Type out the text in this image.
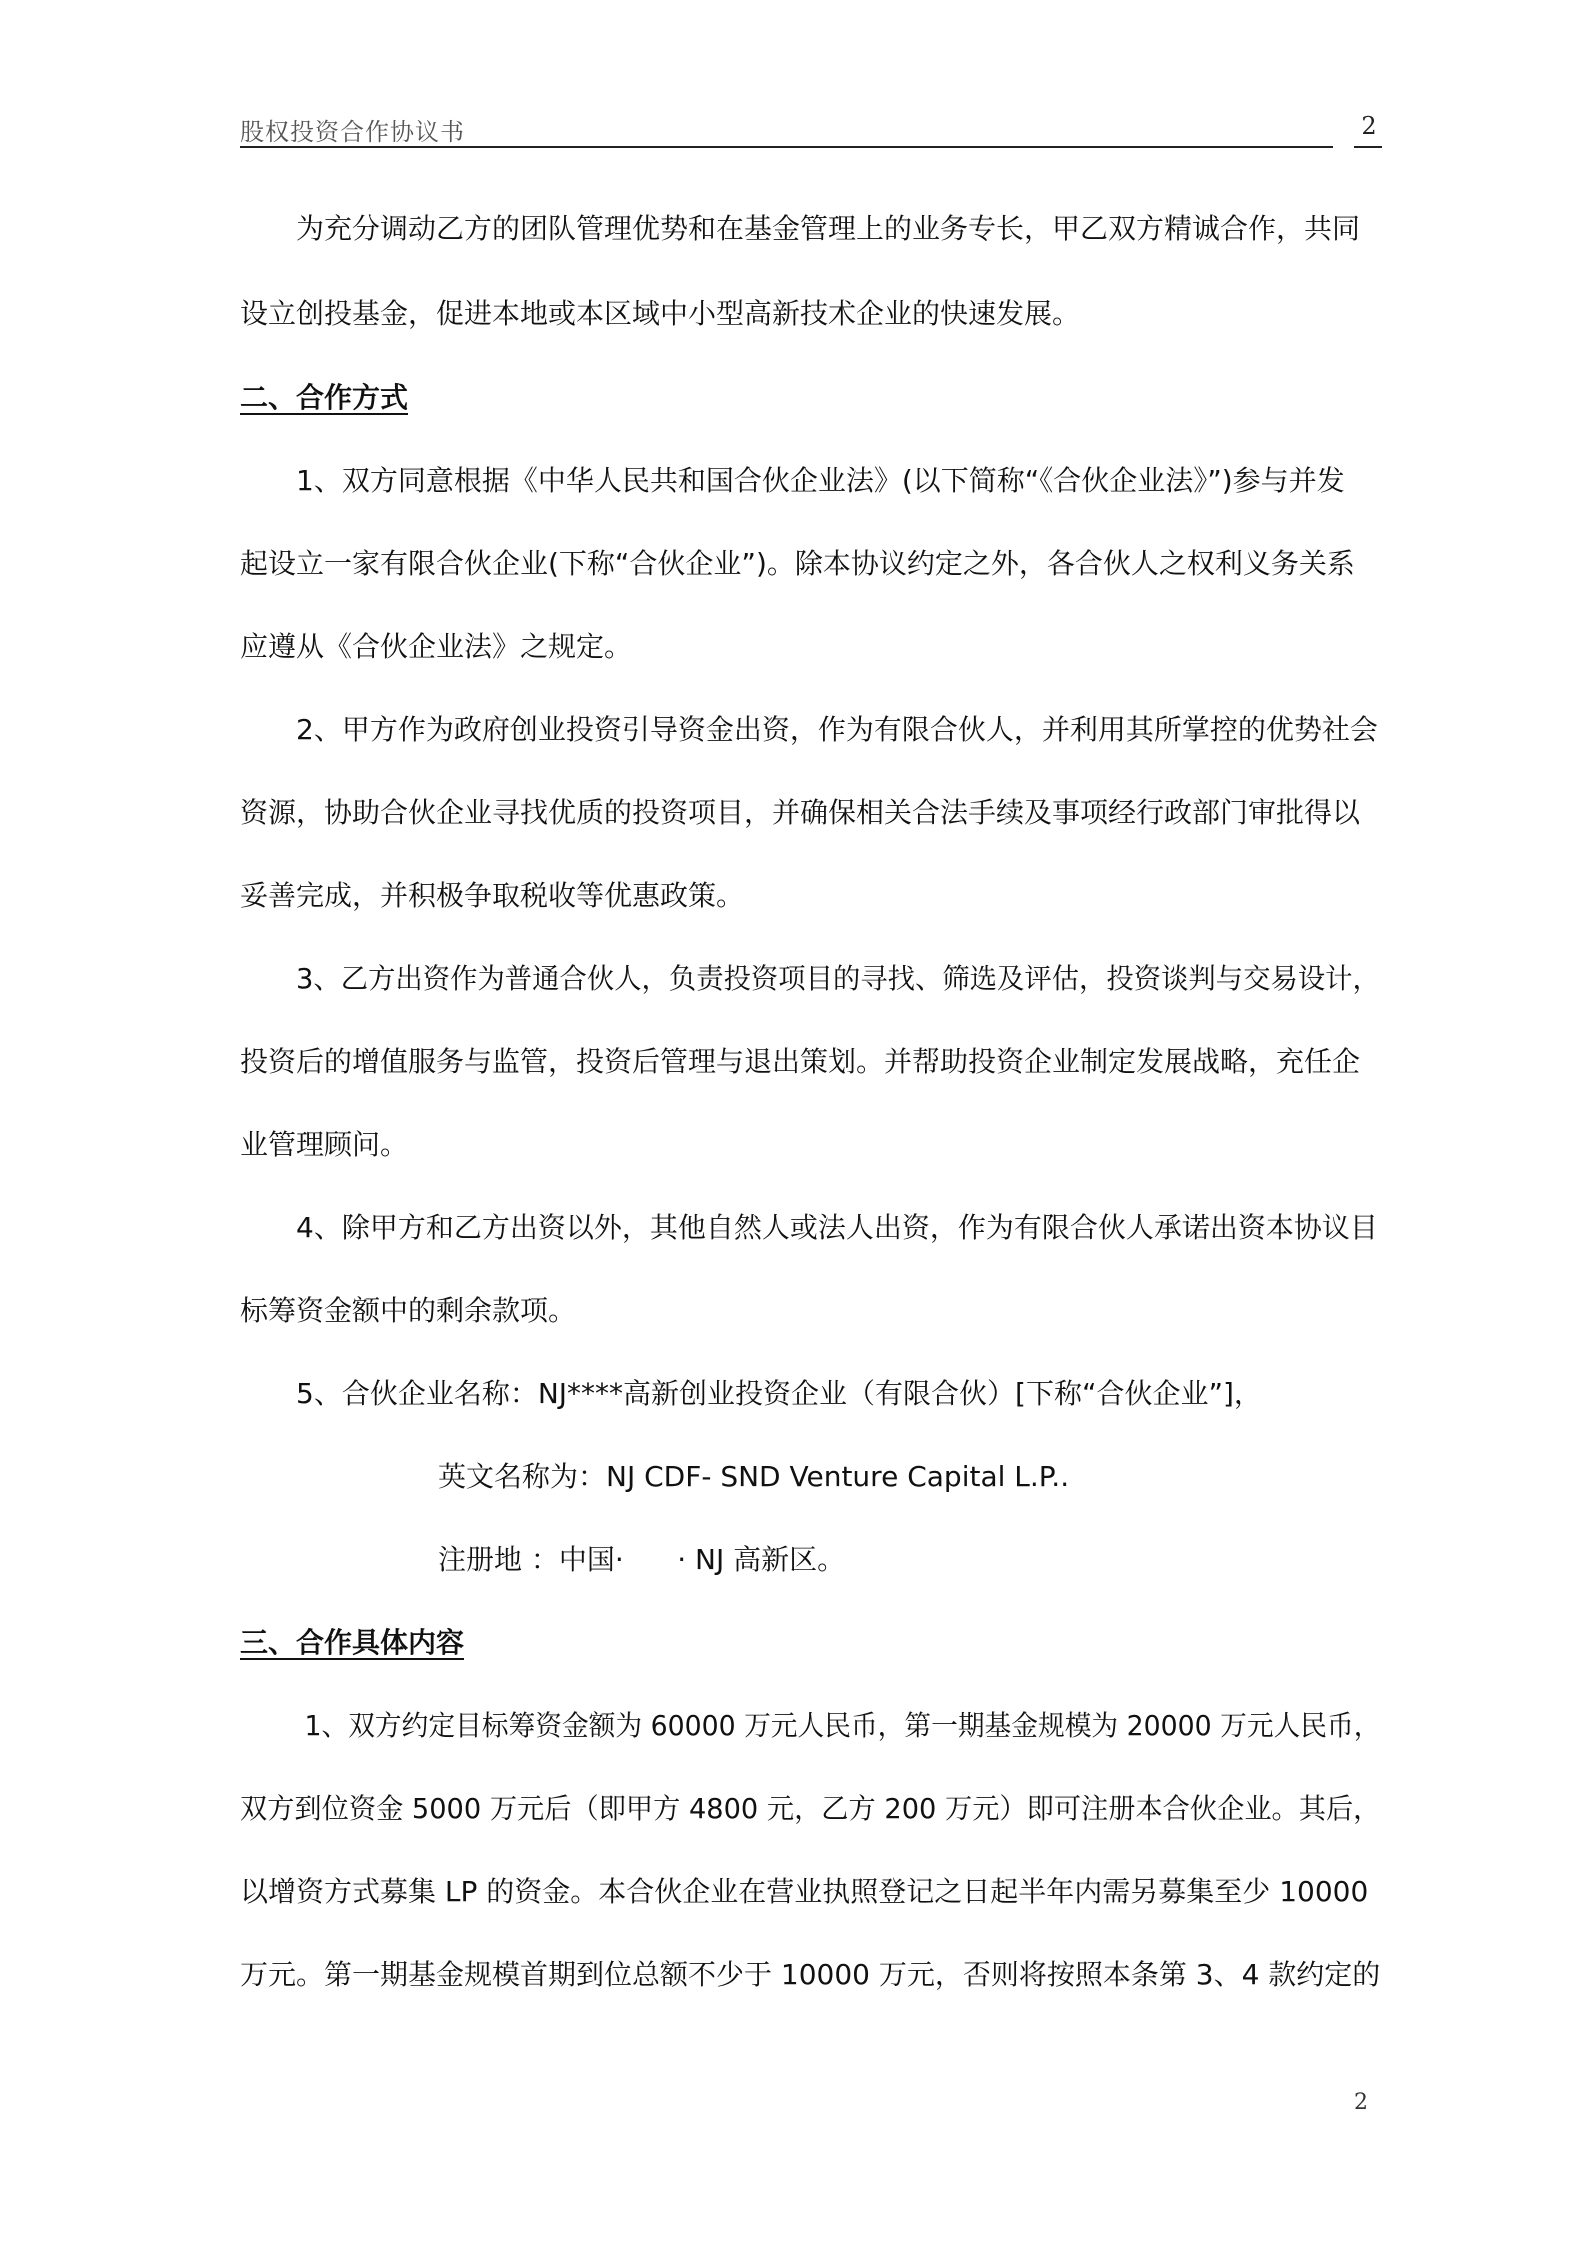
股权投资合作协议书	2
为充分调动乙方的团队管理优势和在基金管理上的业务专长，甲乙双方精诚合作，共同
设立创投基金，促进本地或本区域中小型高新技术企业的快速发展。
二、合作方式
1、双方同意根据《中华人民共和国合伙企业法》(以下简称“《合伙企业法》”)参与并发
起设立一家有限合伙企业(下称“合伙企业”)。除本协议约定之外，各合伙人之权利义务关系
应遵从《合伙企业法》之规定。
2、甲方作为政府创业投资引导资金出资，作为有限合伙人，并利用其所掌控的优势社会
资源，协助合伙企业寻找优质的投资项目，并确保相关合法手续及事项经行政部门审批得以
妥善完成，并积极争取税收等优惠政策。
3、乙方出资作为普通合伙人，负责投资项目的寻找、筛选及评估，投资谈判与交易设计，
投资后的增值服务与监管，投资后管理与退出策划。并帮助投资企业制定发展战略，充任企
业管理顾问。
4、除甲方和乙方出资以外，其他自然人或法人出资，作为有限合伙人承诺出资本协议目
标筹资金额中的剩余款项。
5、合伙企业名称：NJ****高新创业投资企业（有限合伙）[下称“合伙企业”]，
英文名称为：NJ CDF- SND Venture Capital L.P..
注册地 ：中国·      · NJ 高新区。
三、合作具体内容
1、双方约定目标筹资金额为 60000 万元人民币，第一期基金规模为 20000 万元人民币，
双方到位资金 5000 万元后（即甲方 4800 元，乙方 200 万元）即可注册本合伙企业。其后，
以增资方式募集 LP 的资金。本合伙企业在营业执照登记之日起半年内需另募集至少 10000
万元。第一期基金规模首期到位总额不少于 10000 万元，否则将按照本条第 3、4 款约定的
2
